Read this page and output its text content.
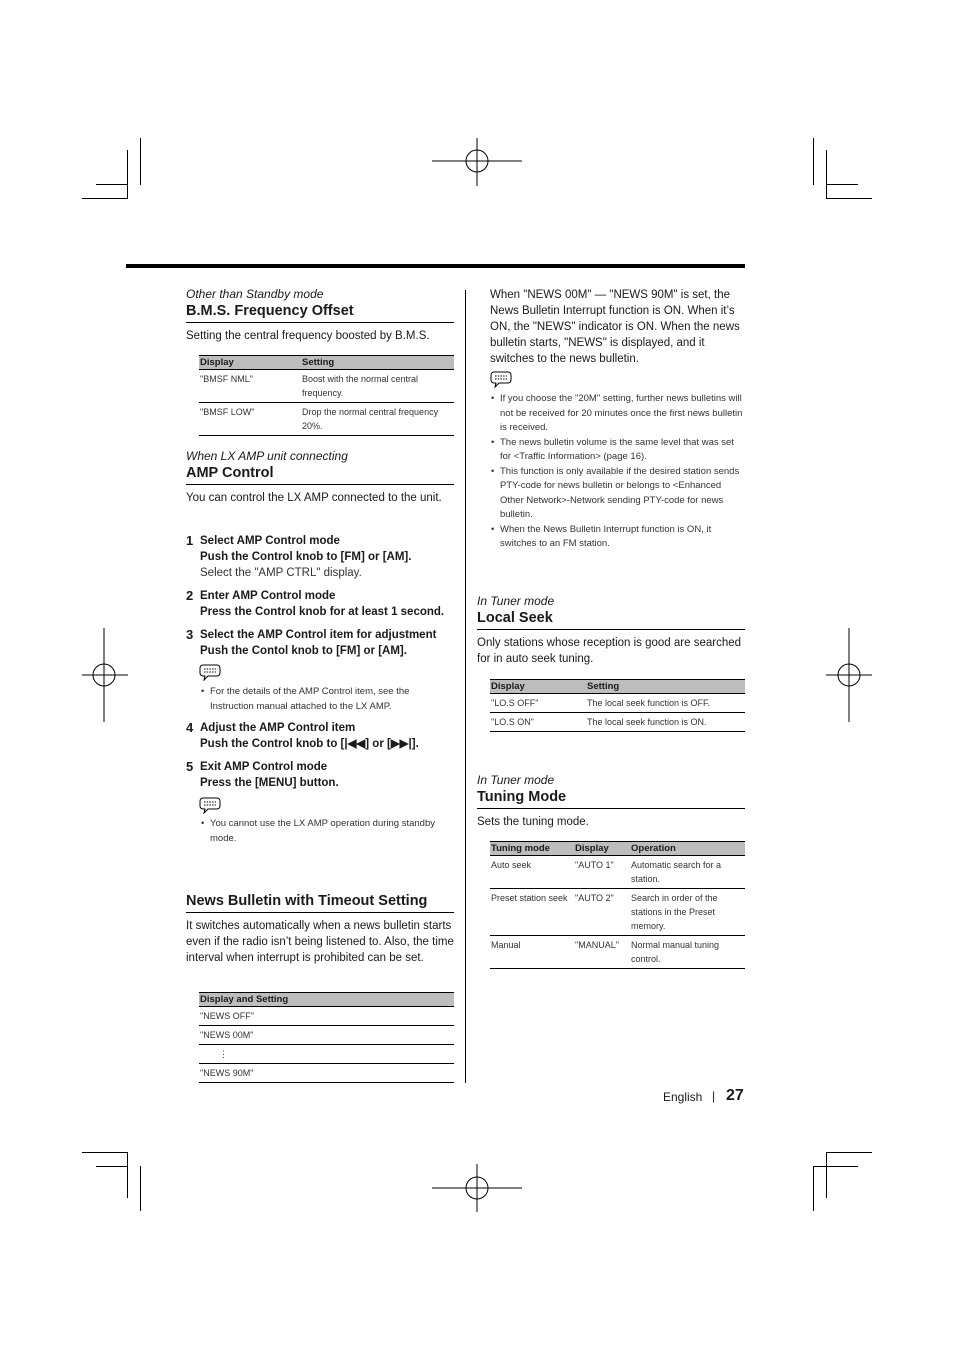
Other than Standby mode
B.M.S. Frequency Offset
Setting the central frequency boosted by B.M.S.
Display	Setting
"BMSF NML"	Boost with the normal central frequency.
"BMSF LOW"	Drop the normal central frequency 20%.
When LX AMP unit connecting
AMP Control
You can control the LX AMP connected to the unit.
1 Select AMP Control mode
Push the Control knob to [FM] or [AM].
Select the "AMP CTRL" display.
2 Enter AMP Control mode
Press the Control knob for at least 1 second.
3 Select the AMP Control item for adjustment
Push the Contol knob to [FM] or [AM].
• For the details of the AMP Control item, see the Instruction manual attached to the LX AMP.
4 Adjust the AMP Control item
Push the Control knob to [|◀◀] or [▶▶|].
5 Exit AMP Control mode
Press the [MENU] button.
• You cannot use the LX AMP operation during standby mode.
News Bulletin with Timeout Setting
It switches automatically when a news bulletin starts even if the radio isn’t being listened to. Also, the time interval when interrupt is prohibited can be set.
Display and Setting
"NEWS OFF"
"NEWS 00M"
⋮
"NEWS 90M"
When "NEWS 00M" — "NEWS 90M" is set, the News Bulletin Interrupt function is ON. When it’s ON, the "NEWS" indicator is ON. When the news bulletin starts, "NEWS" is displayed, and it switches to the news bulletin.
• If you choose the "20M" setting, further news bulletins will not be received for 20 minutes once the first news bulletin is received.
• The news bulletin volume is the same level that was set for <Traffic Information> (page 16).
• This function is only available if the desired station sends PTY-code for news bulletin or belongs to <Enhanced Other Network>-Network sending PTY-code for news bulletin.
• When the News Bulletin Interrupt function is ON, it switches to an FM station.
In Tuner mode
Local Seek
Only stations whose reception is good are searched for in auto seek tuning.
Display	Setting
"LO.S OFF"	The local seek function is OFF.
"LO.S ON"	The local seek function is ON.
In Tuner mode
Tuning Mode
Sets the tuning mode.
Tuning mode	Display	Operation
Auto seek	"AUTO 1"	Automatic search for a station.
Preset station seek	"AUTO 2"	Search in order of the stations in the Preset memory.
Manual	"MANUAL"	Normal manual tuning control.
English | 27
